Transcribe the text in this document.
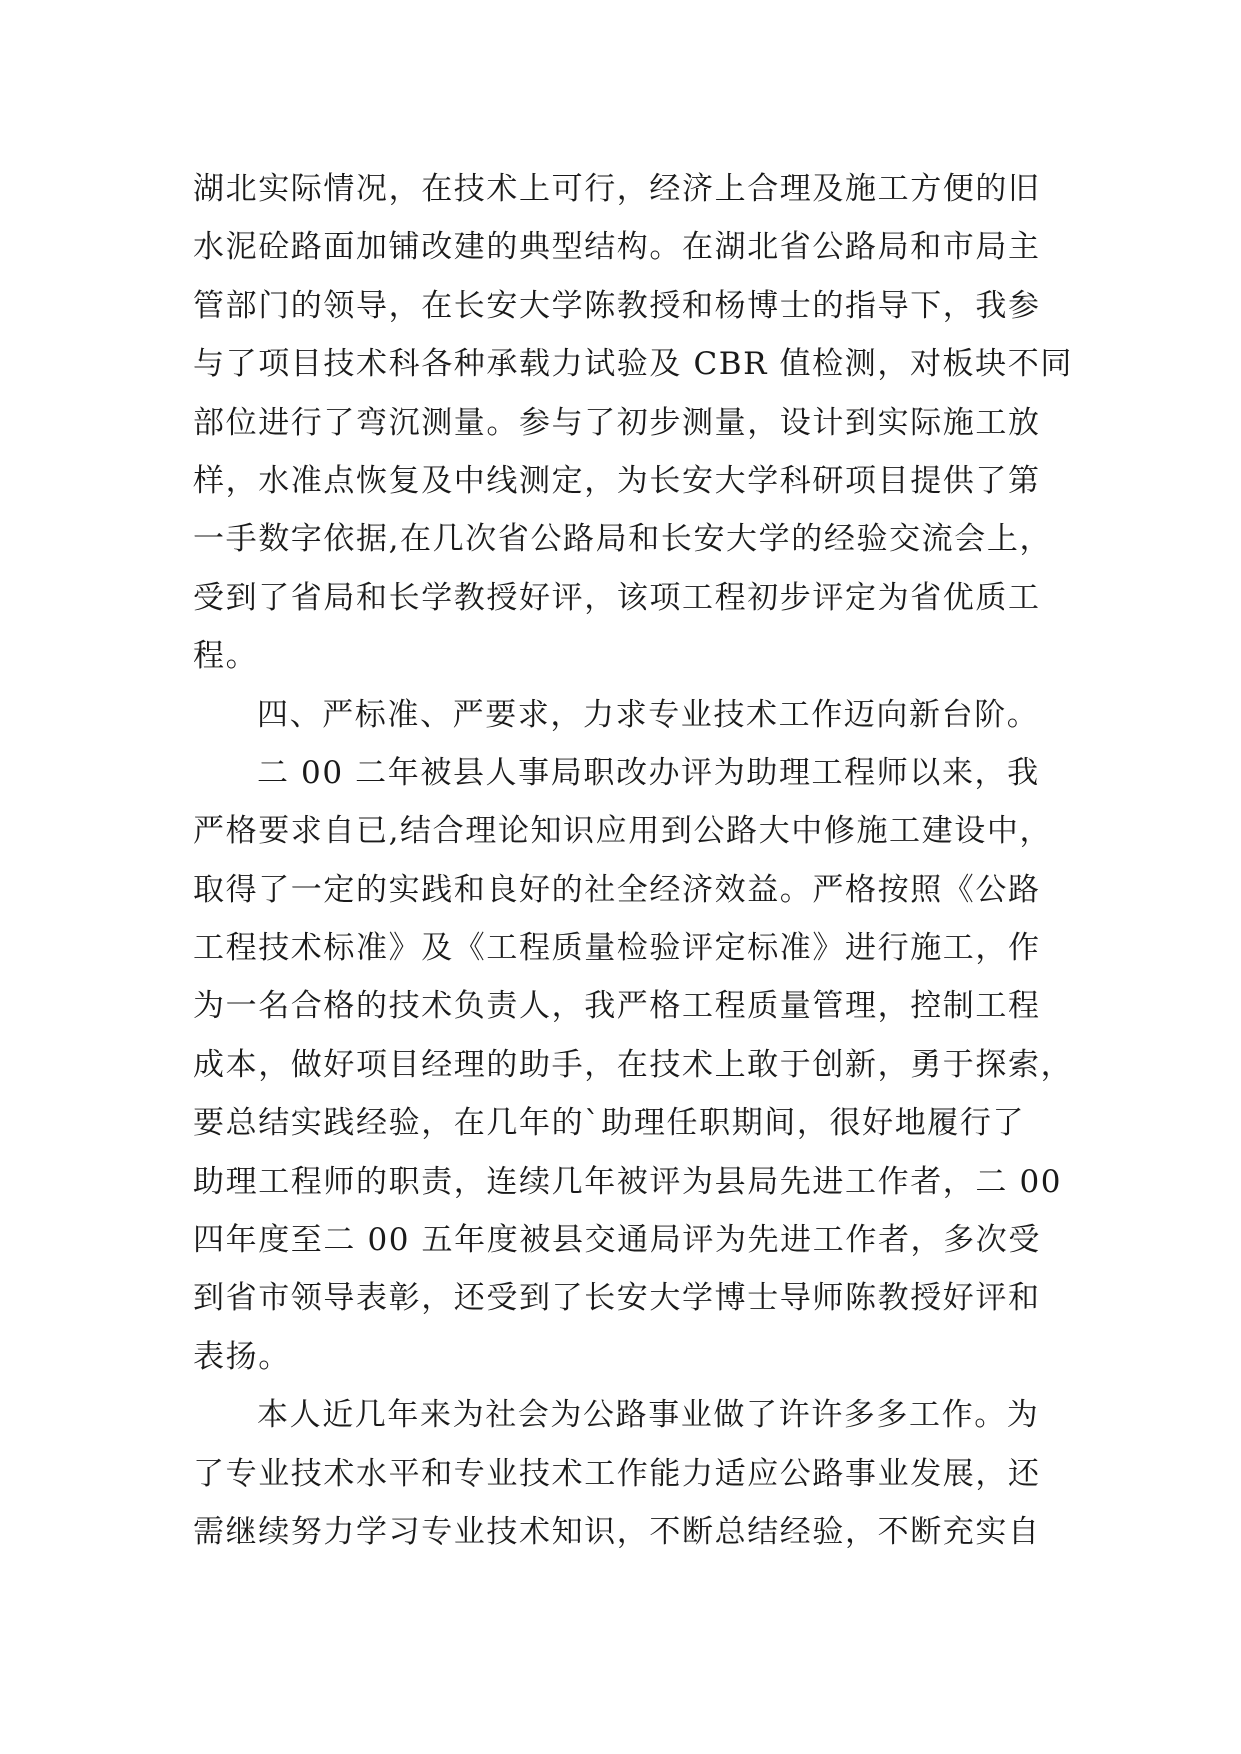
湖北实际情况，在技术上可行，经济上合理及施工方便的旧
水泥砼路面加铺改建的典型结构。在湖北省公路局和市局主
管部门的领导，在长安大学陈教授和杨博士的指导下，我参
与了项目技术科各种承载力试验及 CBR 值检测，对板块不同
部位进行了弯沉测量。参与了初步测量，设计到实际施工放
样，水准点恢复及中线测定，为长安大学科研项目提供了第
一手数字依据,在几次省公路局和长安大学的经验交流会上，
受到了省局和长学教授好评，该项工程初步评定为省优质工
程。
四、严标准、严要求，力求专业技术工作迈向新台阶。
二 00 二年被县人事局职改办评为助理工程师以来，我
严格要求自已,结合理论知识应用到公路大中修施工建设中，
取得了一定的实践和良好的社全经济效益。严格按照《公路
工程技术标准》及《工程质量检验评定标准》进行施工，作
为一名合格的技术负责人，我严格工程质量管理，控制工程
成本，做好项目经理的助手，在技术上敢于创新，勇于探索，
要总结实践经验，在几年的`助理任职期间，很好地履行了
助理工程师的职责，连续几年被评为县局先进工作者，二 00
四年度至二 00 五年度被县交通局评为先进工作者，多次受
到省市领导表彰，还受到了长安大学博士导师陈教授好评和
表扬。
本人近几年来为社会为公路事业做了许许多多工作。为
了专业技术水平和专业技术工作能力适应公路事业发展，还
需继续努力学习专业技术知识，不断总结经验，不断充实自
